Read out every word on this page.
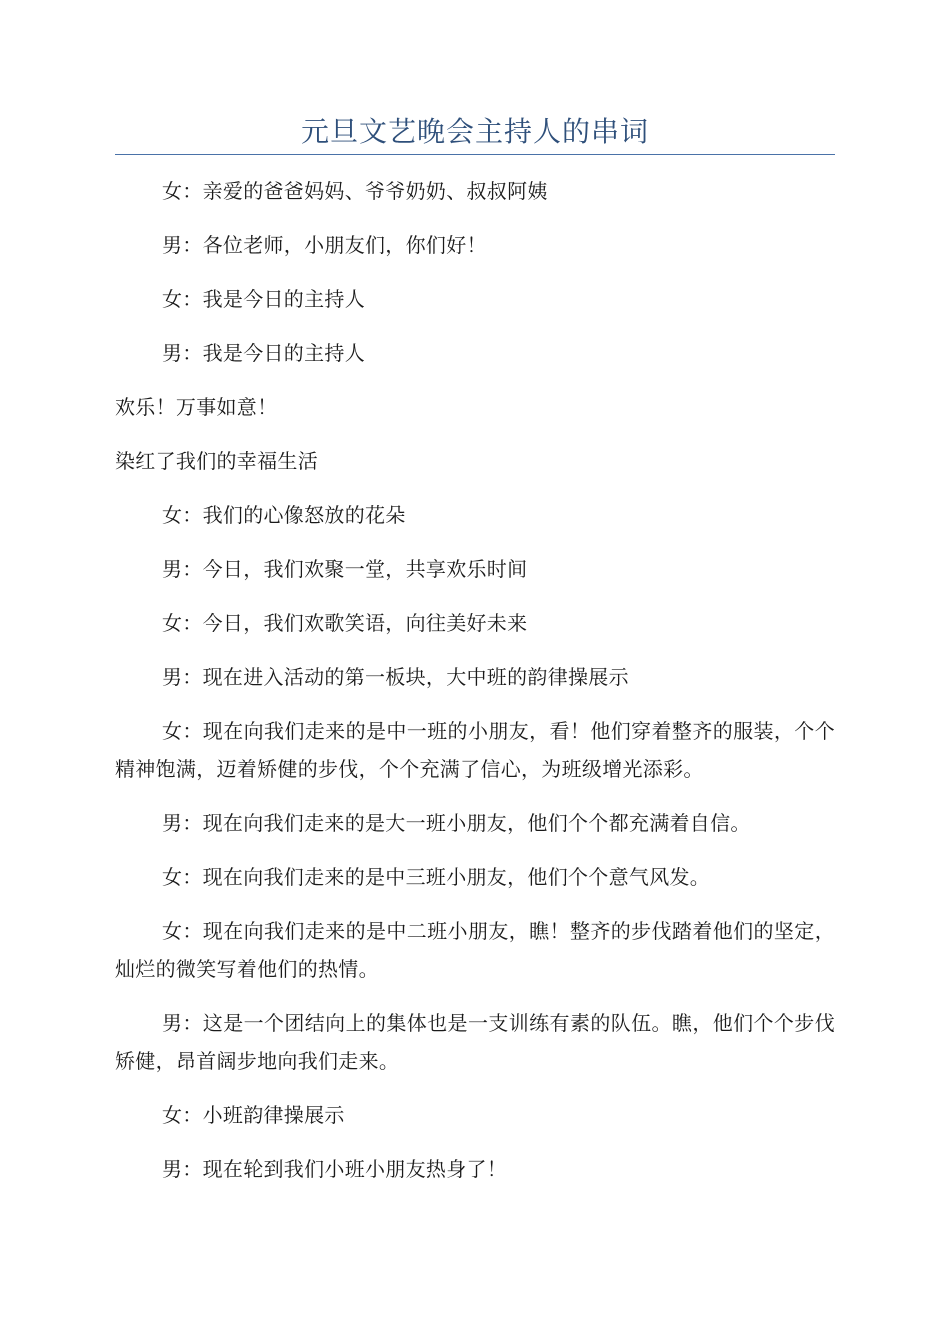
元旦文艺晚会主持人的串词

女：亲爱的爸爸妈妈、爷爷奶奶、叔叔阿姨

男：各位老师，小朋友们，你们好！

女：我是今日的主持人

男：我是今日的主持人

欢乐！万事如意！

染红了我们的幸福生活

女：我们的心像怒放的花朵

男：今日，我们欢聚一堂，共享欢乐时间

女：今日，我们欢歌笑语，向往美好未来

男：现在进入活动的第一板块，大中班的韵律操展示

女：现在向我们走来的是中一班的小朋友，看！他们穿着整齐的服装，个个精神饱满，迈着矫健的步伐，个个充满了信心，为班级增光添彩。

男：现在向我们走来的是大一班小朋友，他们个个都充满着自信。

女：现在向我们走来的是中三班小朋友，他们个个意气风发。

女：现在向我们走来的是中二班小朋友，瞧！整齐的步伐踏着他们的坚定，灿烂的微笑写着他们的热情。

男：这是一个团结向上的集体也是一支训练有素的队伍。瞧，他们个个步伐矫健，昂首阔步地向我们走来。

女：小班韵律操展示

男：现在轮到我们小班小朋友热身了！
